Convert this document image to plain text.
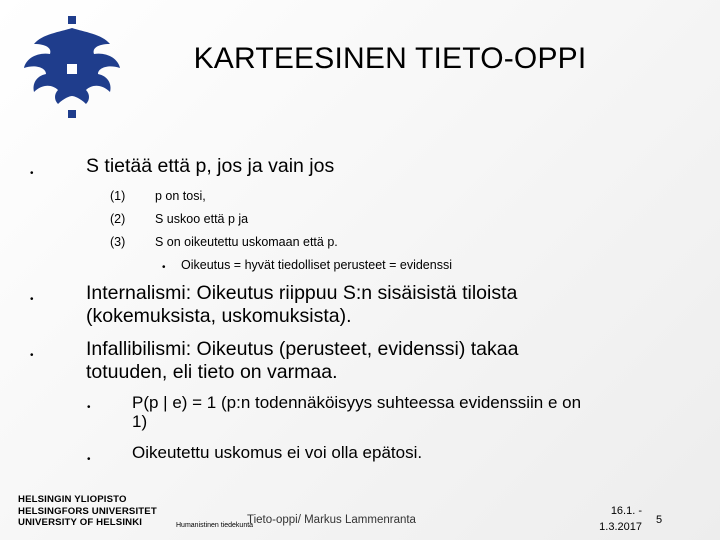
KARTEESINEN TIETO-OPPI
•	S tietää että p, jos ja vain jos
(1) p on tosi,
(2) S uskoo että p ja
(3) S on oikeutettu uskomaan että p.
• Oikeutus = hyvät tiedolliset perusteet = evidenssi
•	Internalismi: Oikeutus riippuu S:n sisäisistä tiloista
(kokemuksista, uskomuksista).
•	Infallibilismi: Oikeutus (perusteet, evidenssi) takaa
totuuden, eli tieto on varmaa.
• P(p | e) = 1 (p:n todennäköisyys suhteessa evidenssiin e on
1)
• Oikeutettu uskomus ei voi olla epätosi.
HELSINGIN YLIOPISTO
HELSINGFORS UNIVERSITET
UNIVERSITY OF HELSINKI	Humanistinen tiedekunta
Tieto-oppi/ Markus Lammenranta
16.1. -
1.3.2017
5
